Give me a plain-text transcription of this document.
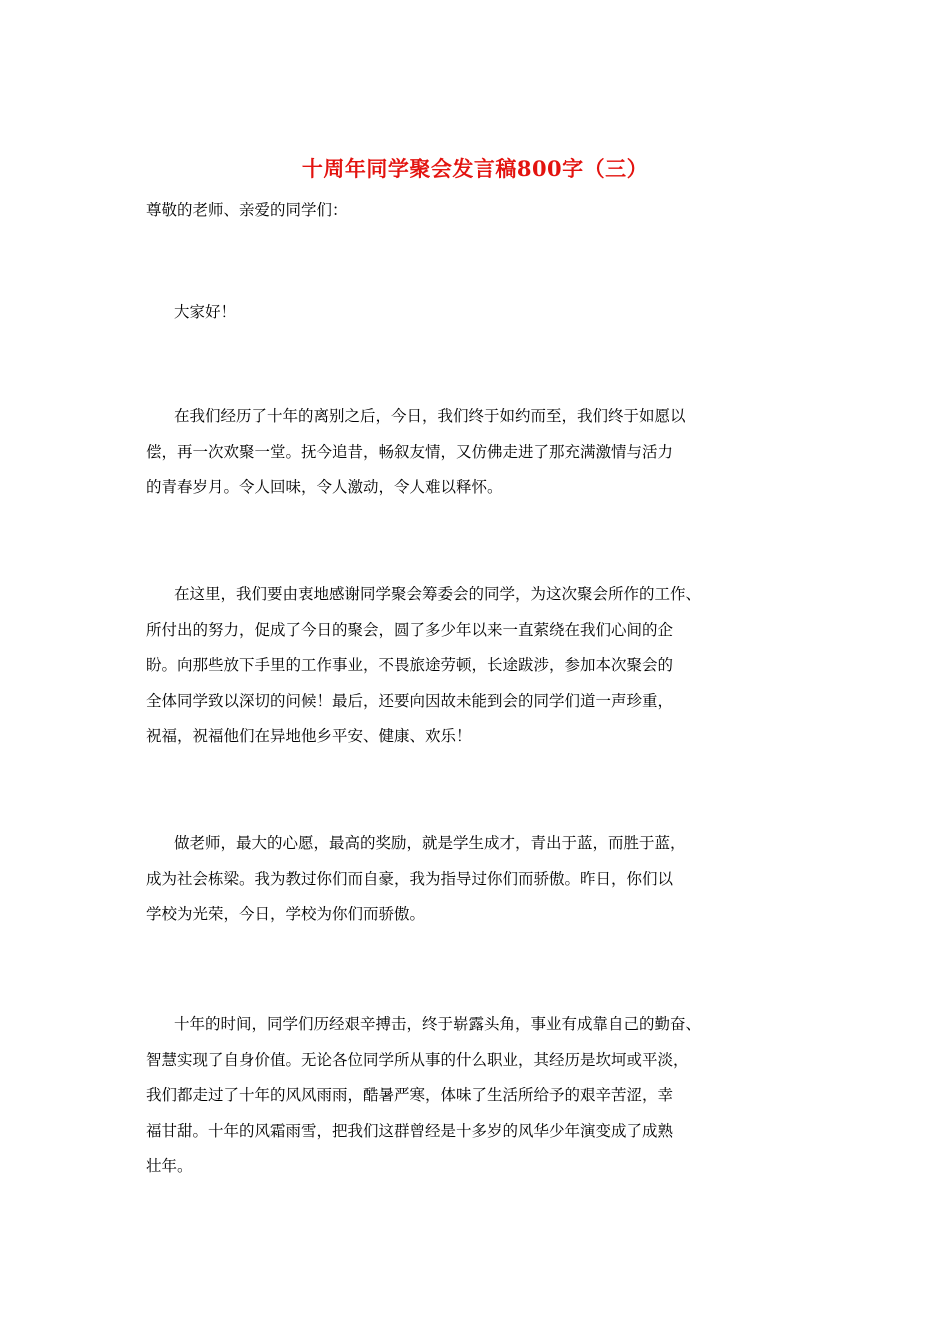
十周年同学聚会发言稿800字（三）
尊敬的老师、亲爱的同学们：
大家好！
在我们经历了十年的离别之后，今日，我们终于如约而至，我们终于如愿以
偿，再一次欢聚一堂。抚今追昔，畅叙友情，又仿佛走进了那充满激情与活力
的青春岁月。令人回味，令人激动，令人难以释怀。
在这里，我们要由衷地感谢同学聚会筹委会的同学，为这次聚会所作的工作、
所付出的努力，促成了今日的聚会，圆了多少年以来一直萦绕在我们心间的企
盼。向那些放下手里的工作事业，不畏旅途劳顿，长途跋涉，参加本次聚会的
全体同学致以深切的问候！最后，还要向因故未能到会的同学们道一声珍重，
祝福，祝福他们在异地他乡平安、健康、欢乐！
做老师，最大的心愿，最高的奖励，就是学生成才，青出于蓝，而胜于蓝，
成为社会栋梁。我为教过你们而自豪，我为指导过你们而骄傲。昨日，你们以
学校为光荣，今日，学校为你们而骄傲。
十年的时间，同学们历经艰辛搏击，终于崭露头角，事业有成靠自己的勤奋、
智慧实现了自身价值。无论各位同学所从事的什么职业，其经历是坎坷或平淡，
我们都走过了十年的风风雨雨，酷暑严寒，体味了生活所给予的艰辛苦涩，幸
福甘甜。十年的风霜雨雪，把我们这群曾经是十多岁的风华少年演变成了成熟
壮年。
